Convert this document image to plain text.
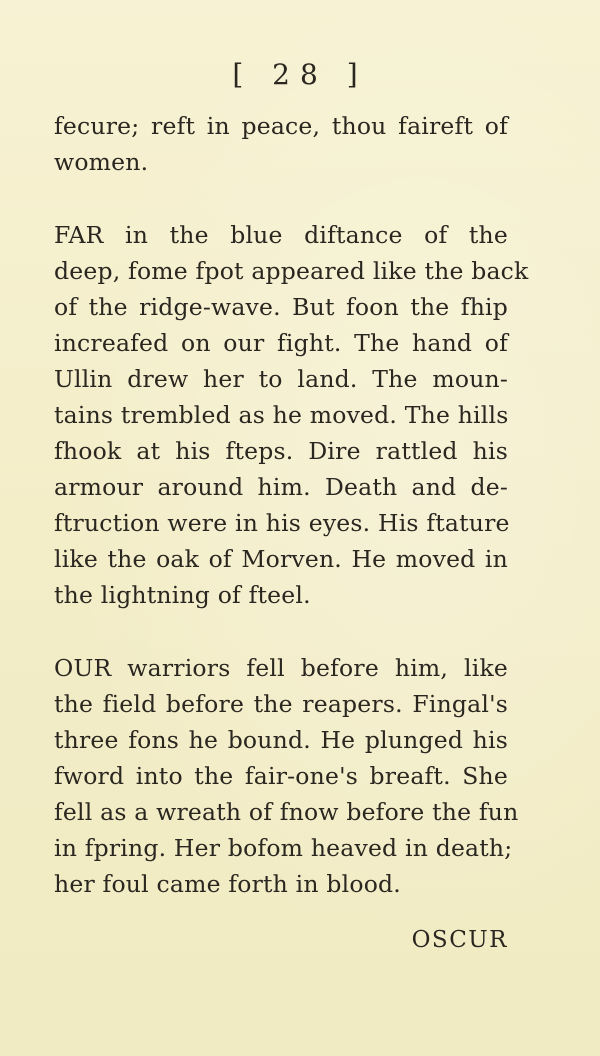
[ 28 ]
fecure; reft in peace, thou faireft of
women.
FAR in the blue diftance of the
deep, fome fpot appeared like the back
of the ridge-wave. But foon the fhip
increafed on our fight. The hand of
Ullin drew her to land. The moun-
tains trembled as he moved. The hills
fhook at his fteps. Dire rattled his
armour around him. Death and de-
ftruction were in his eyes. His ftature
like the oak of Morven. He moved in
the lightning of fteel.
OUR warriors fell before him, like
the field before the reapers. Fingal's
three fons he bound. He plunged his
fword into the fair-one's breaft. She
fell as a wreath of fnow before the fun
in fpring. Her bofom heaved in death;
her foul came forth in blood.
OSCUR
